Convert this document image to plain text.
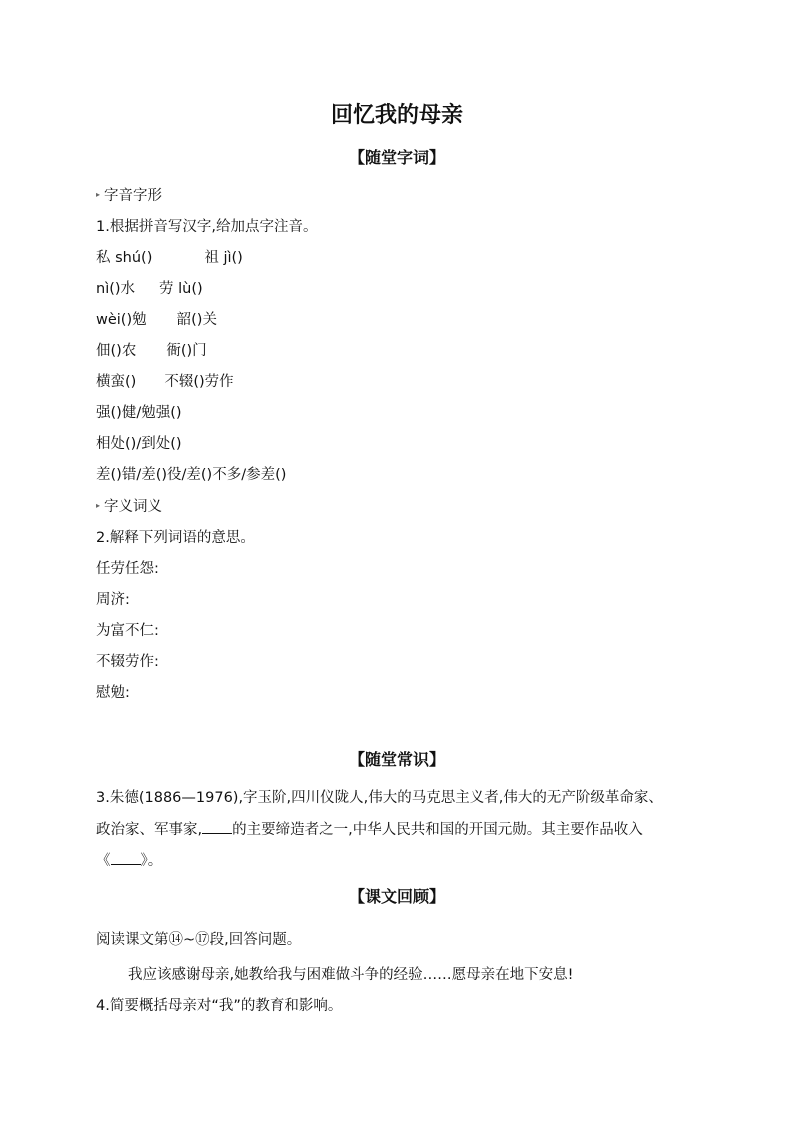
回忆我的母亲
【随堂字词】
▸ 字音字形
1.根据拼音写汉字,给加点字注音。
私 shú()	祖 jì()
nì()水 劳 lù()
wèi()勉 韶()关
佃()农 衙()门
横蛮() 不辍()劳作
强()健/勉强()
相处()/到处()
差()错/差()役/差()不多/参差()
▸ 字义词义
2.解释下列词语的意思。
任劳任怨:
周济:
为富不仁:
不辍劳作:
慰勉:
【随堂常识】
3.朱德(1886—1976),字玉阶,四川仪陇人,伟大的马克思主义者,伟大的无产阶级革命家、
政治家、军事家, 的主要缔造者之一,中华人民共和国的开国元勋。其主要作品收入
《 》。
【课文回顾】
阅读课文第⑭~⑰段,回答问题。
我应该感谢母亲,她教给我与困难做斗争的经验……愿母亲在地下安息!
4.简要概括母亲对“我”的教育和影响。
